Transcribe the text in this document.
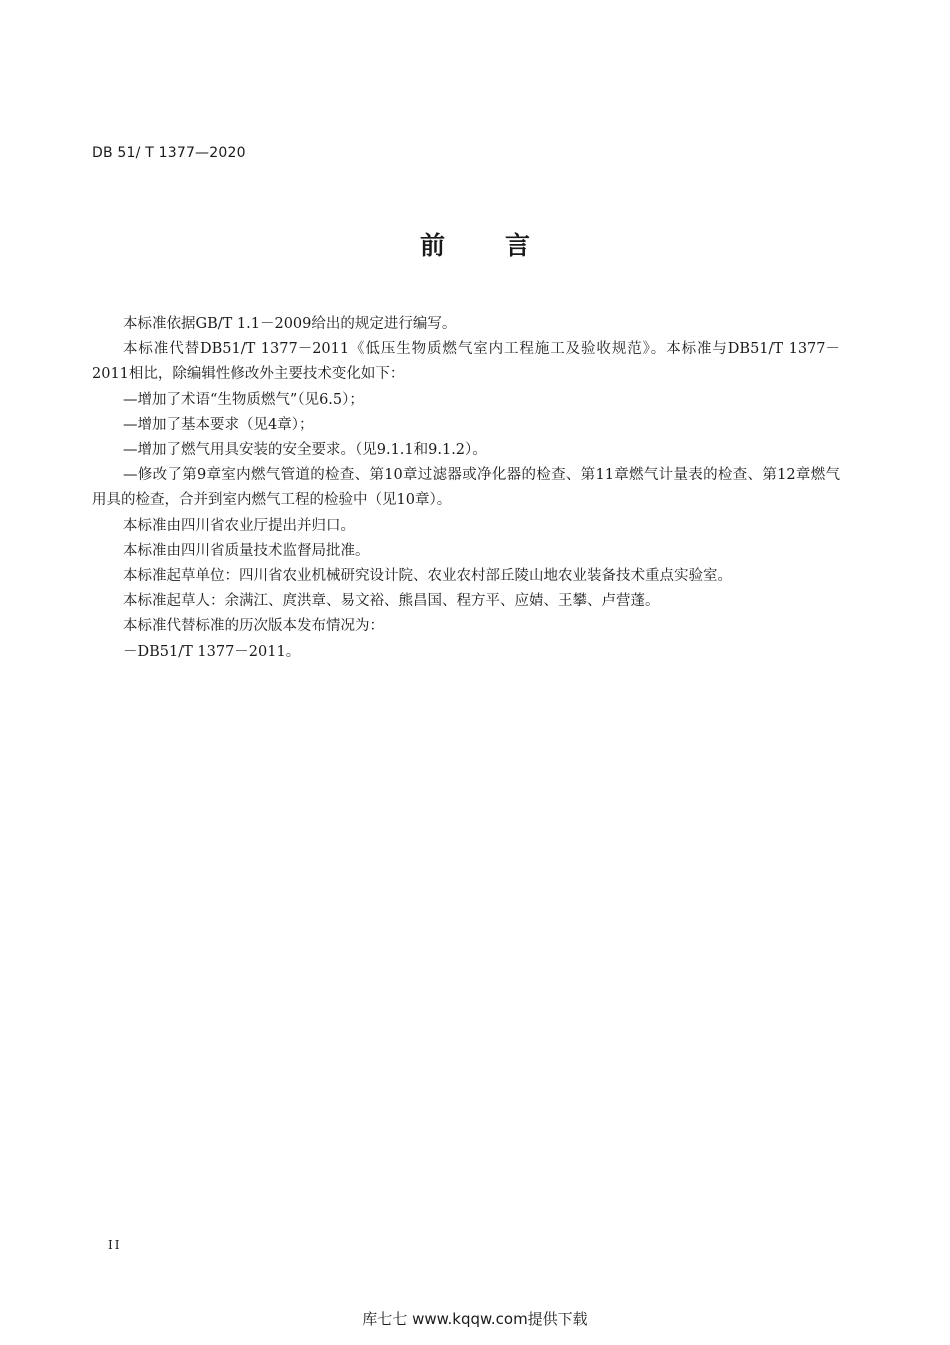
DB 51/ T 1377—2020
前言

本标准依据GB/T 1.1－2009给出的规定进行编写。

本标准代替DB51/T 1377－2011《低压生物质燃气室内工程施工及验收规范》。本标准与DB51/T 1377－2011相比，除编辑性修改外主要技术变化如下：

—增加了术语“生物质燃气”（见6.5）；

—增加了基本要求（见4章）；

—增加了燃气用具安装的安全要求。（见9.1.1和9.1.2）。

—修改了第9章室内燃气管道的检查、第10章过滤器或净化器的检查、第11章燃气计量表的检查、第12章燃气用具的检查，合并到室内燃气工程的检验中（见10章）。

本标准由四川省农业厅提出并归口。

本标准由四川省质量技术监督局批准。

本标准起草单位：四川省农业机械研究设计院、农业农村部丘陵山地农业装备技术重点实验室。

本标准起草人：余满江、庹洪章、易文裕、熊昌国、程方平、应婧、王攀、卢营蓬。

本标准代替标准的历次版本发布情况为：

－DB51/T 1377－2011。

II
库七七 www.kqqw.com提供下载
